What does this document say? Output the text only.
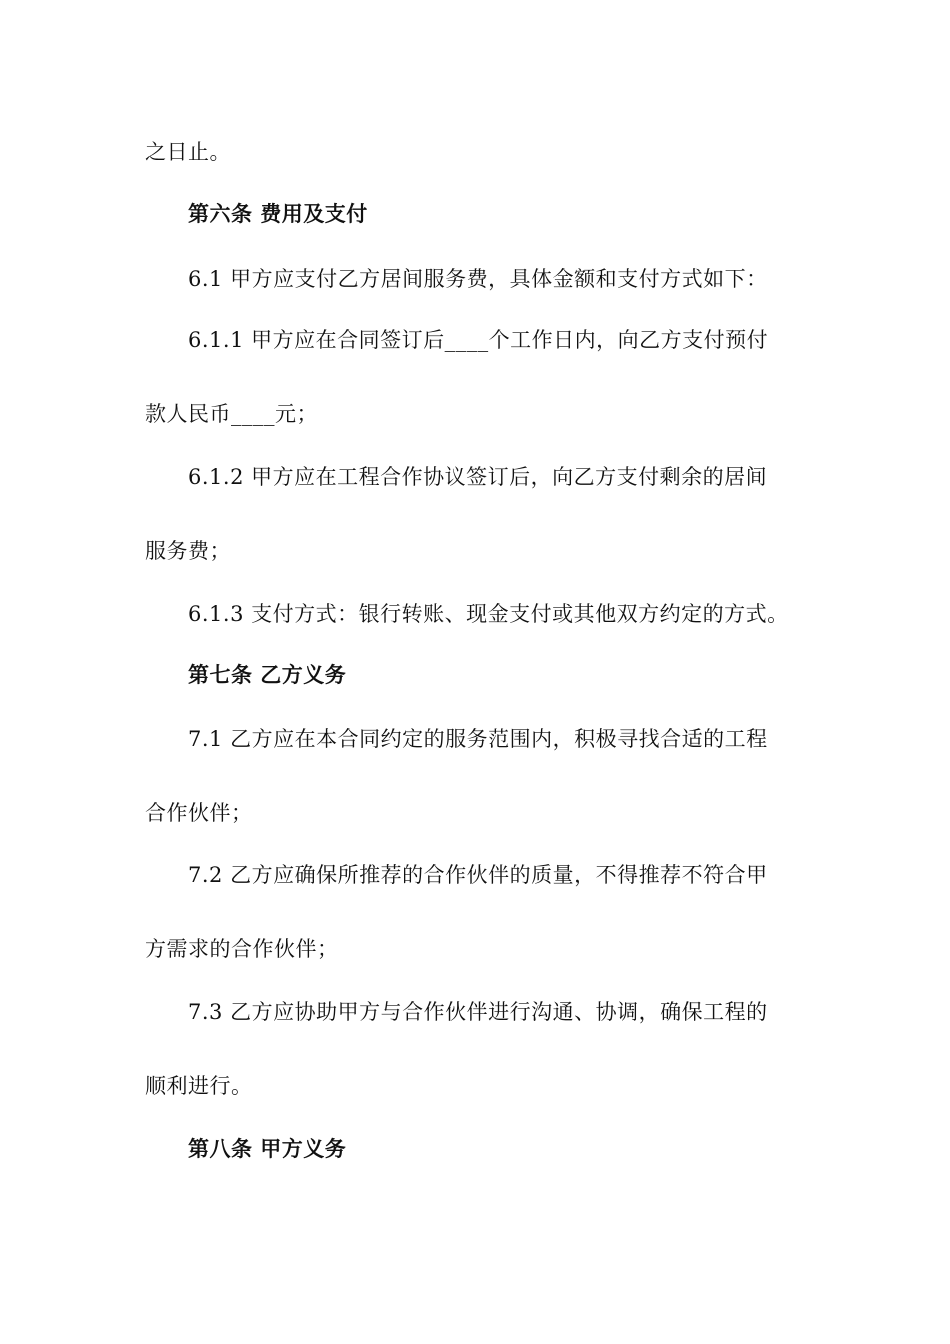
之日止。
第六条 费用及支付
6.1 甲方应支付乙方居间服务费，具体金额和支付方式如下：
6.1.1 甲方应在合同签订后____个工作日内，向乙方支付预付
款人民币____元；
6.1.2 甲方应在工程合作协议签订后，向乙方支付剩余的居间
服务费；
6.1.3 支付方式：银行转账、现金支付或其他双方约定的方式。
第七条 乙方义务
7.1 乙方应在本合同约定的服务范围内，积极寻找合适的工程
合作伙伴；
7.2 乙方应确保所推荐的合作伙伴的质量，不得推荐不符合甲
方需求的合作伙伴；
7.3 乙方应协助甲方与合作伙伴进行沟通、协调，确保工程的
顺利进行。
第八条 甲方义务
